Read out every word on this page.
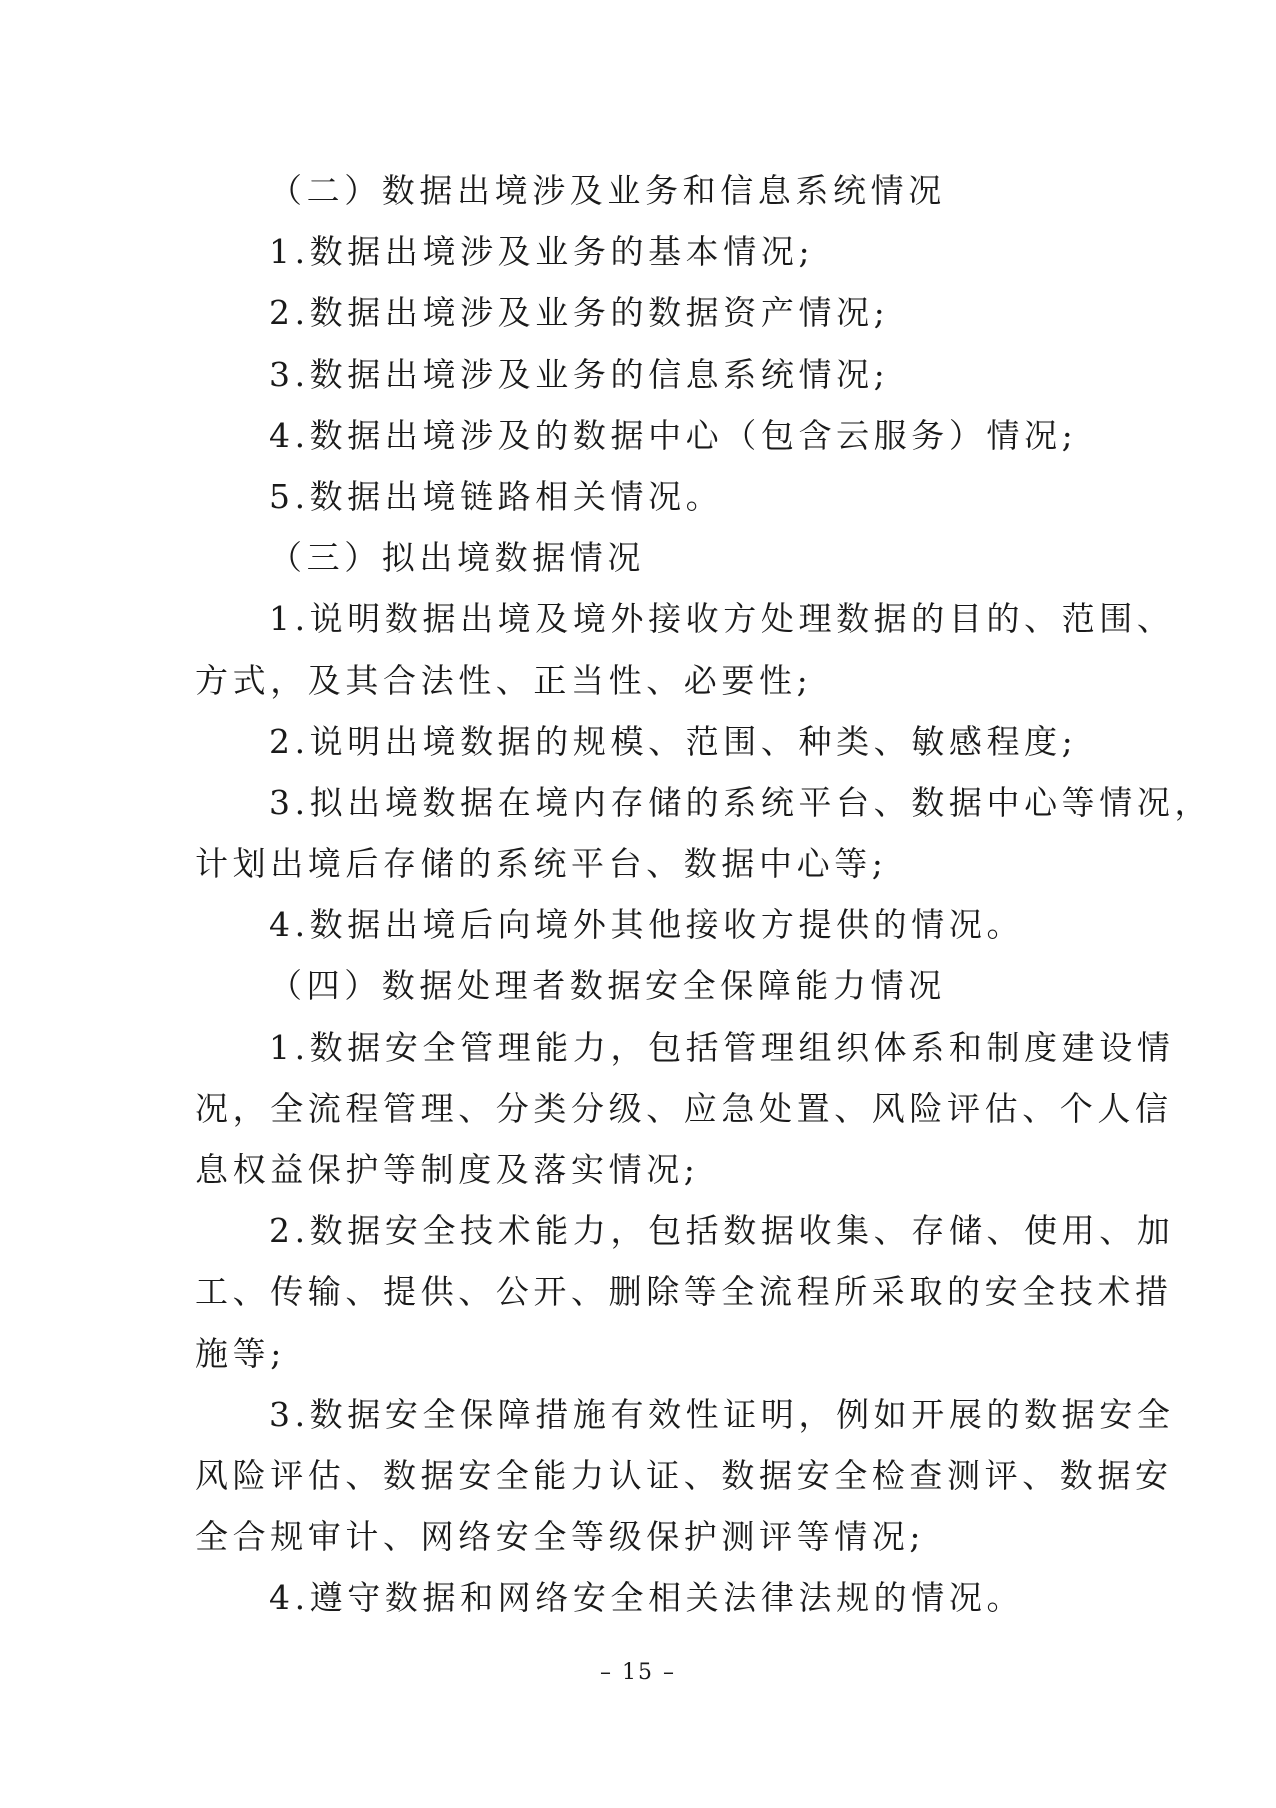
（二）数据出境涉及业务和信息系统情况
1.数据出境涉及业务的基本情况;
2.数据出境涉及业务的数据资产情况;
3.数据出境涉及业务的信息系统情况;
4.数据出境涉及的数据中心（包含云服务）情况;
5.数据出境链路相关情况。
（三）拟出境数据情况
1.说明数据出境及境外接收方处理数据的目的、范围、
方式，及其合法性、正当性、必要性;
2.说明出境数据的规模、范围、种类、敏感程度;
3.拟出境数据在境内存储的系统平台、数据中心等情况，
计划出境后存储的系统平台、数据中心等;
4.数据出境后向境外其他接收方提供的情况。
（四）数据处理者数据安全保障能力情况
1.数据安全管理能力，包括管理组织体系和制度建设情
况，全流程管理、分类分级、应急处置、风险评估、个人信
息权益保护等制度及落实情况;
2.数据安全技术能力，包括数据收集、存储、使用、加
工、传输、提供、公开、删除等全流程所采取的安全技术措
施等;
3.数据安全保障措施有效性证明，例如开展的数据安全
风险评估、数据安全能力认证、数据安全检查测评、数据安
全合规审计、网络安全等级保护测评等情况;
4.遵守数据和网络安全相关法律法规的情况。
– 15 –
